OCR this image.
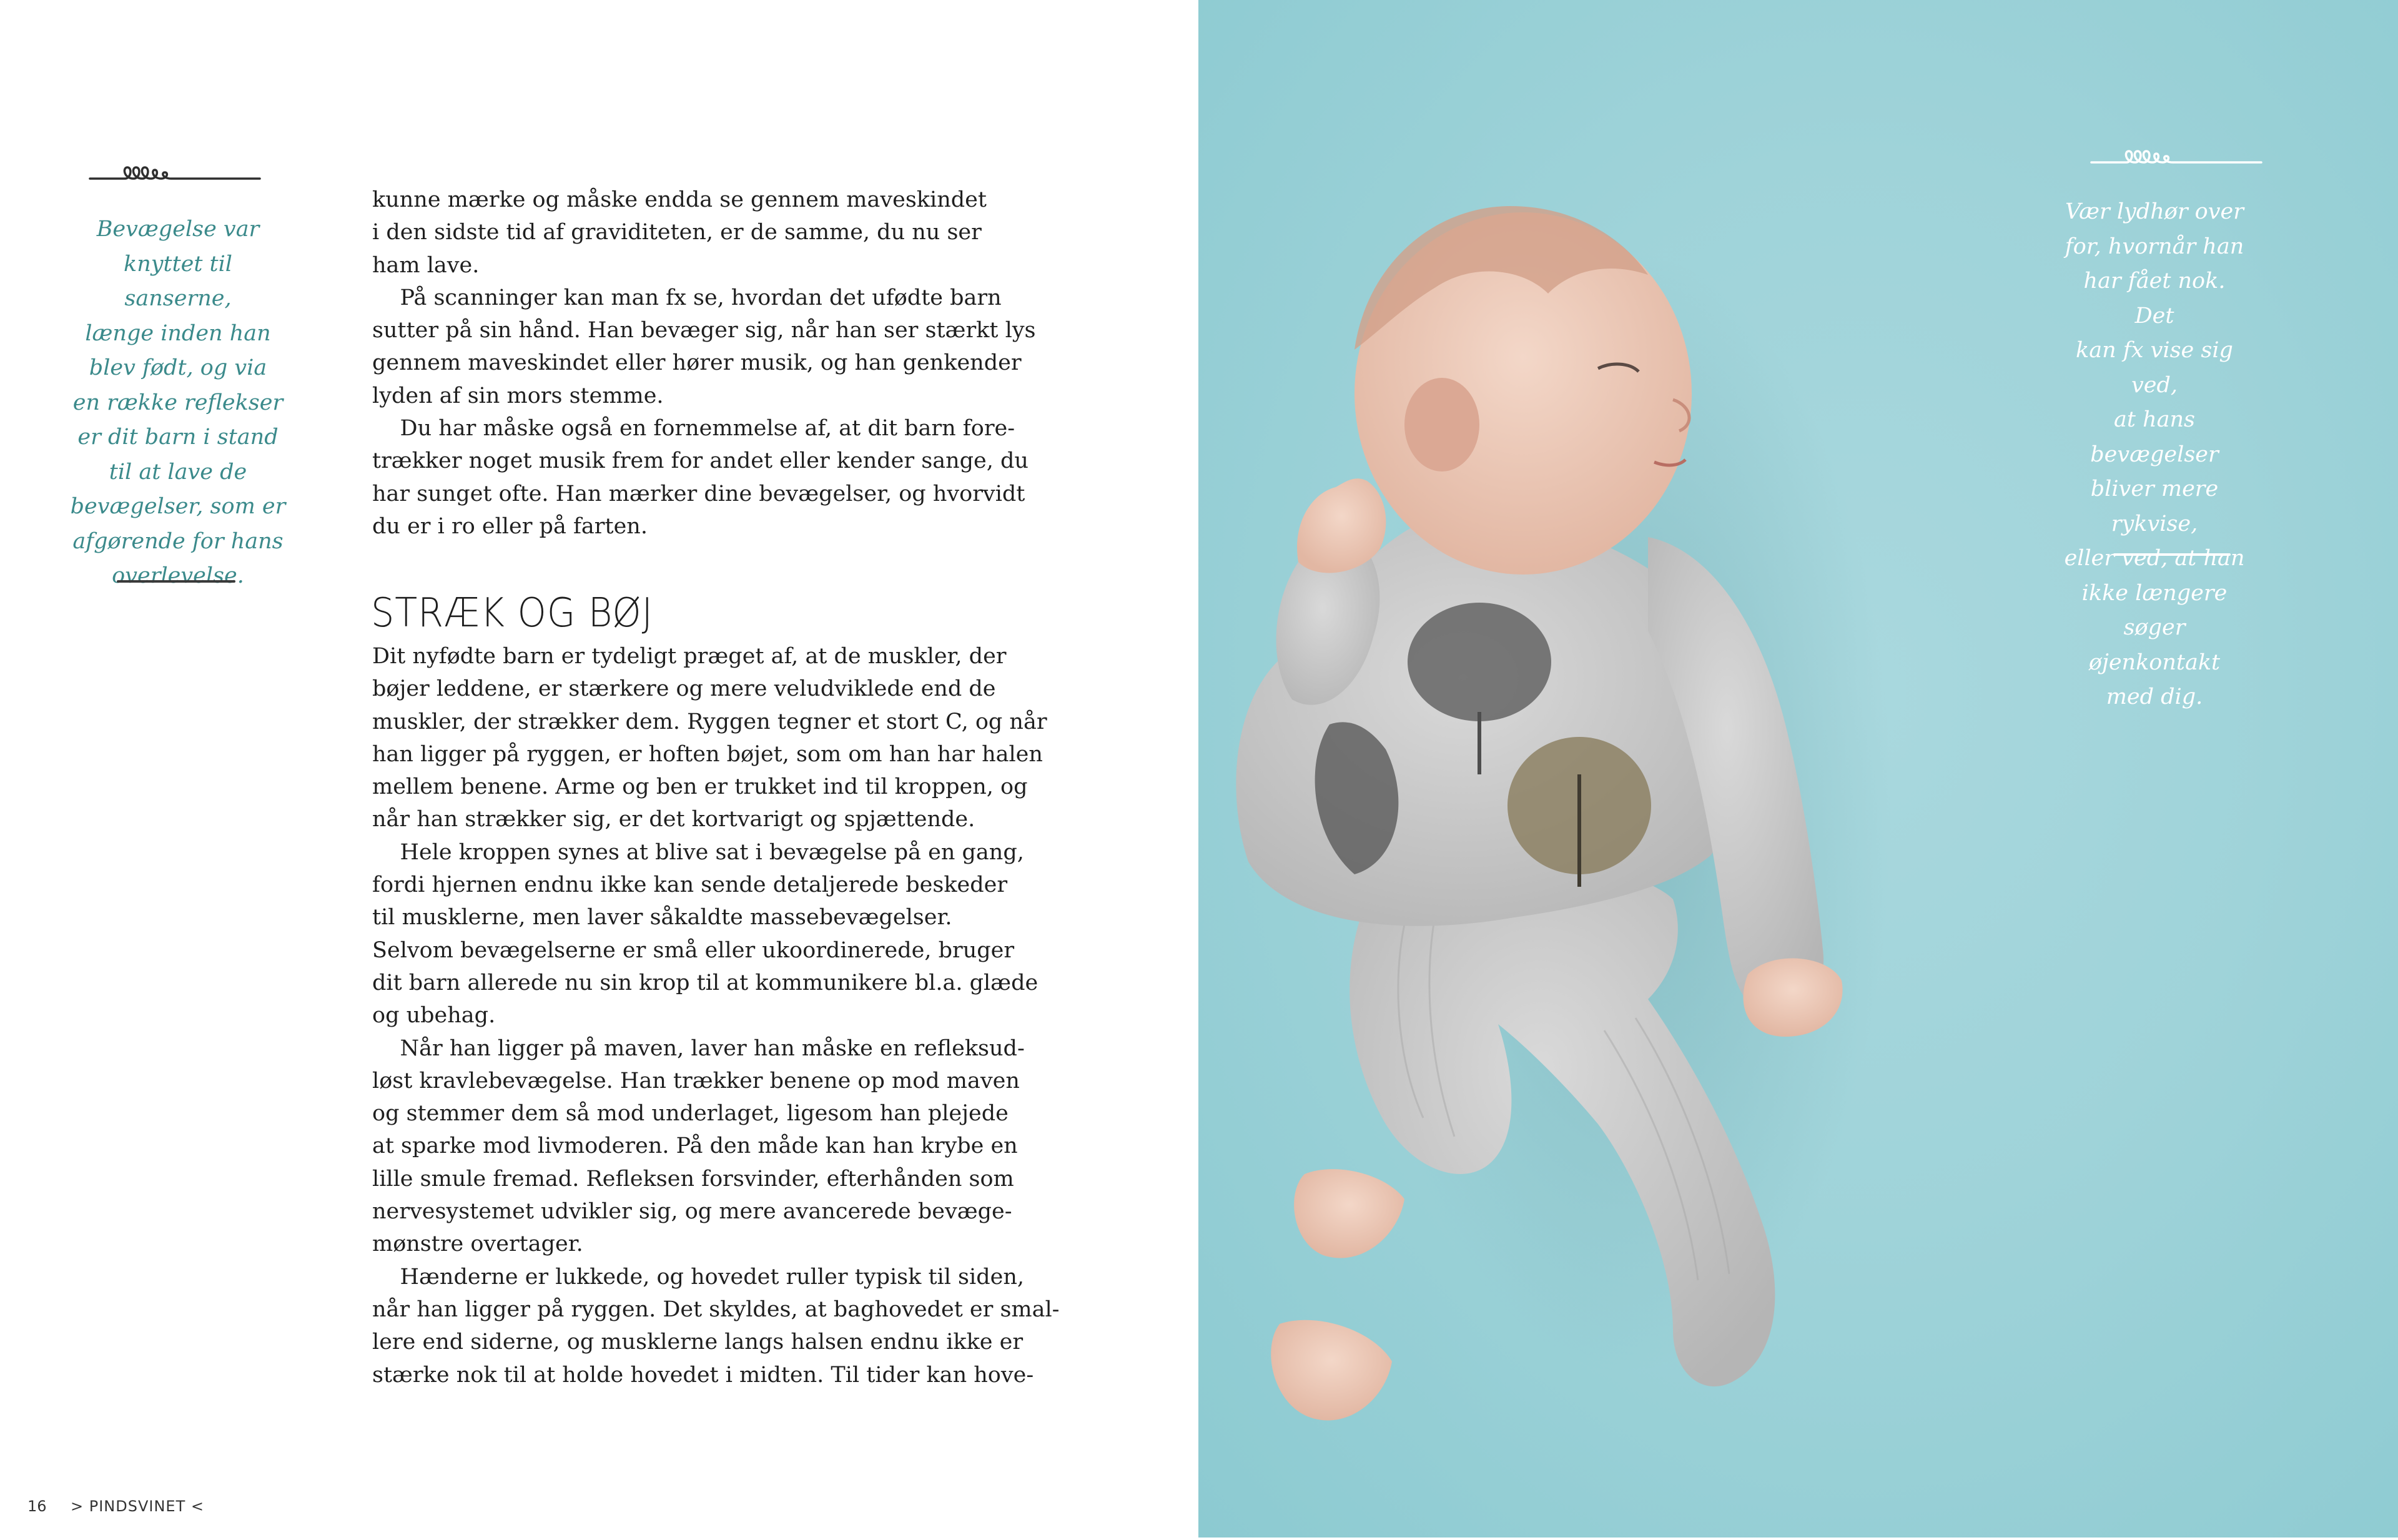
Bevægelse var
knyttet til sanserne,
længe inden han
blev født, og via
en række reflekser
er dit barn i stand
til at lave de
bevægelser, som er
afgørende for hans
overlevelse.
kunne mærke og måske endda se gennem maveskindet
i den sidste tid af graviditeten, er de samme, du nu ser
ham lave.
På scanninger kan man fx se, hvordan det ufødte barn
sutter på sin hånd. Han bevæger sig, når han ser stærkt lys
gennem maveskindet eller hører musik, og han genkender
lyden af sin mors stemme.
Du har måske også en fornemmelse af, at dit barn fore-
trækker noget musik frem for andet eller kender sange, du
har sunget ofte. Han mærker dine bevægelser, og hvorvidt
du er i ro eller på farten.
STRÆK OG BØJ
Dit nyfødte barn er tydeligt præget af, at de muskler, der
bøjer leddene, er stærkere og mere veludviklede end de
muskler, der strækker dem. Ryggen tegner et stort C, og når
han ligger på ryggen, er hoften bøjet, som om han har halen
mellem benene. Arme og ben er trukket ind til kroppen, og
når han strækker sig, er det kortvarigt og spjættende.
Hele kroppen synes at blive sat i bevægelse på en gang,
fordi hjernen endnu ikke kan sende detaljerede beskeder
til musklerne, men laver såkaldte massebevægelser.
Selvom bevægelserne er små eller ukoordinerede, bruger
dit barn allerede nu sin krop til at kommunikere bl.a. glæde
og ubehag.
Når han ligger på maven, laver han måske en refleksud-
løst kravlebevægelse. Han trækker benene op mod maven
og stemmer dem så mod underlaget, ligesom han plejede
at sparke mod livmoderen. På den måde kan han krybe en
lille smule fremad. Refleksen forsvinder, efterhånden som
nervesystemet udvikler sig, og mere avancerede bevæge-
mønstre overtager.
Hænderne er lukkede, og hovedet ruller typisk til siden,
når han ligger på ryggen. Det skyldes, at baghovedet er smal-
lere end siderne, og musklerne langs halsen endnu ikke er
stærke nok til at holde hovedet i midten. Til tider kan hove-
16 > PINDSVINET <
Vær lydhør over
for, hvornår han
har fået nok. Det
kan fx vise sig ved,
at hans bevægelser
bliver mere rykvise,
eller ved, at han
ikke længere søger
øjenkontakt
med dig.
